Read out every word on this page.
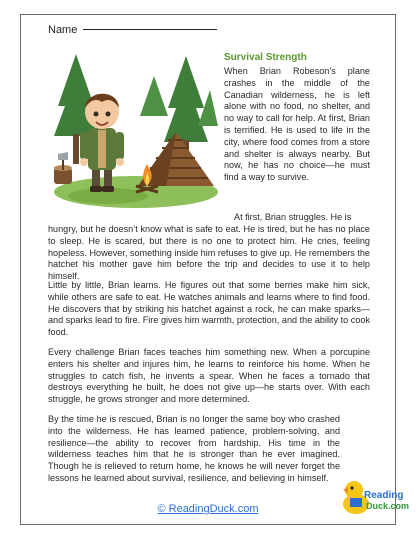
Name
Survival Strength
When Brian Robeson’s plane crashes in the middle of the Canadian wilderness, he is left alone with no food, no shelter, and no way to call for help. At first, Brian is terrified. He is used to life in the city, where food comes from a store and shelter is always nearby. But now, he has no choice—he must find a way to survive.
At first, Brian struggles. He is
hungry, but he doesn’t know what is safe to eat. He is tired, but he has no place to sleep. He is scared, but there is no one to protect him. He cries, feeling hopeless. However, something inside him refuses to give up. He remembers the hatchet his mother gave him before the trip and decides to use it to help himself.
Little by little, Brian learns. He figures out that some berries make him sick, while others are safe to eat. He watches animals and learns where to find food. He discovers that by striking his hatchet against a rock, he can make sparks—and sparks lead to fire. Fire gives him warmth, protection, and the ability to cook food.
Every challenge Brian faces teaches him something new. When a porcupine enters his shelter and injures him, he learns to reinforce his home. When he struggles to catch fish, he invents a spear. When he faces a tornado that destroys everything he built, he does not give up—he starts over. With each struggle, he grows stronger and more determined.
By the time he is rescued, Brian is no longer the same boy who crashed into the wilderness. He has learned patience, problem-solving, and resilience—the ability to recover from hardship. His time in the wilderness teaches him that he is stronger than he ever imagined. Though he is relieved to return home, he knows he will never forget the lessons he learned about survival, resilience, and believing in himself.
© ReadingDuck.com
Reading
Duck.com
